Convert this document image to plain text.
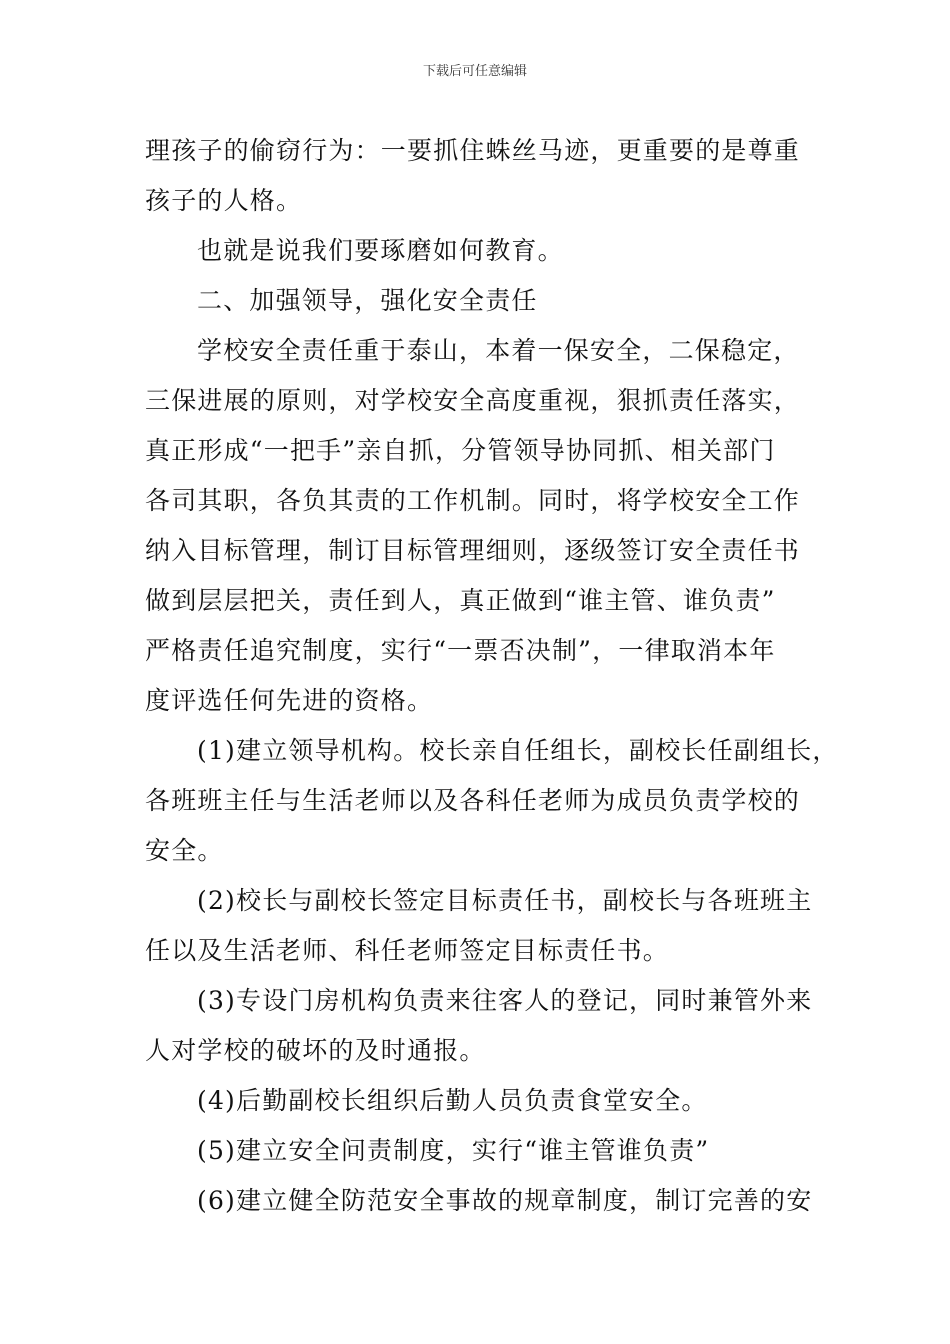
下载后可任意编辑

理孩子的偷窃行为：一要抓住蛛丝马迹，更重要的是尊重

孩子的人格。

也就是说我们要琢磨如何教育。

二、加强领导，强化安全责任

学校安全责任重于泰山，本着一保安全，二保稳定，

三保进展的原则，对学校安全高度重视，狠抓责任落实，

真正形成“一把手”亲自抓，分管领导协同抓、相关部门

各司其职，各负其责的工作机制。同时，将学校安全工作

纳入目标管理，制订目标管理细则，逐级签订安全责任书

做到层层把关，责任到人，真正做到“谁主管、谁负责”

严格责任追究制度，实行“一票否决制”，一律取消本年

度评选任何先进的资格。

(1)建立领导机构。校长亲自任组长，副校长任副组长，

各班班主任与生活老师以及各科任老师为成员负责学校的

安全。

(2)校长与副校长签定目标责任书，副校长与各班班主

任以及生活老师、科任老师签定目标责任书。

(3)专设门房机构负责来往客人的登记，同时兼管外来

人对学校的破坏的及时通报。

(4)后勤副校长组织后勤人员负责食堂安全。

(5)建立安全问责制度，实行“谁主管谁负责”

(6)建立健全防范安全事故的规章制度，制订完善的安
